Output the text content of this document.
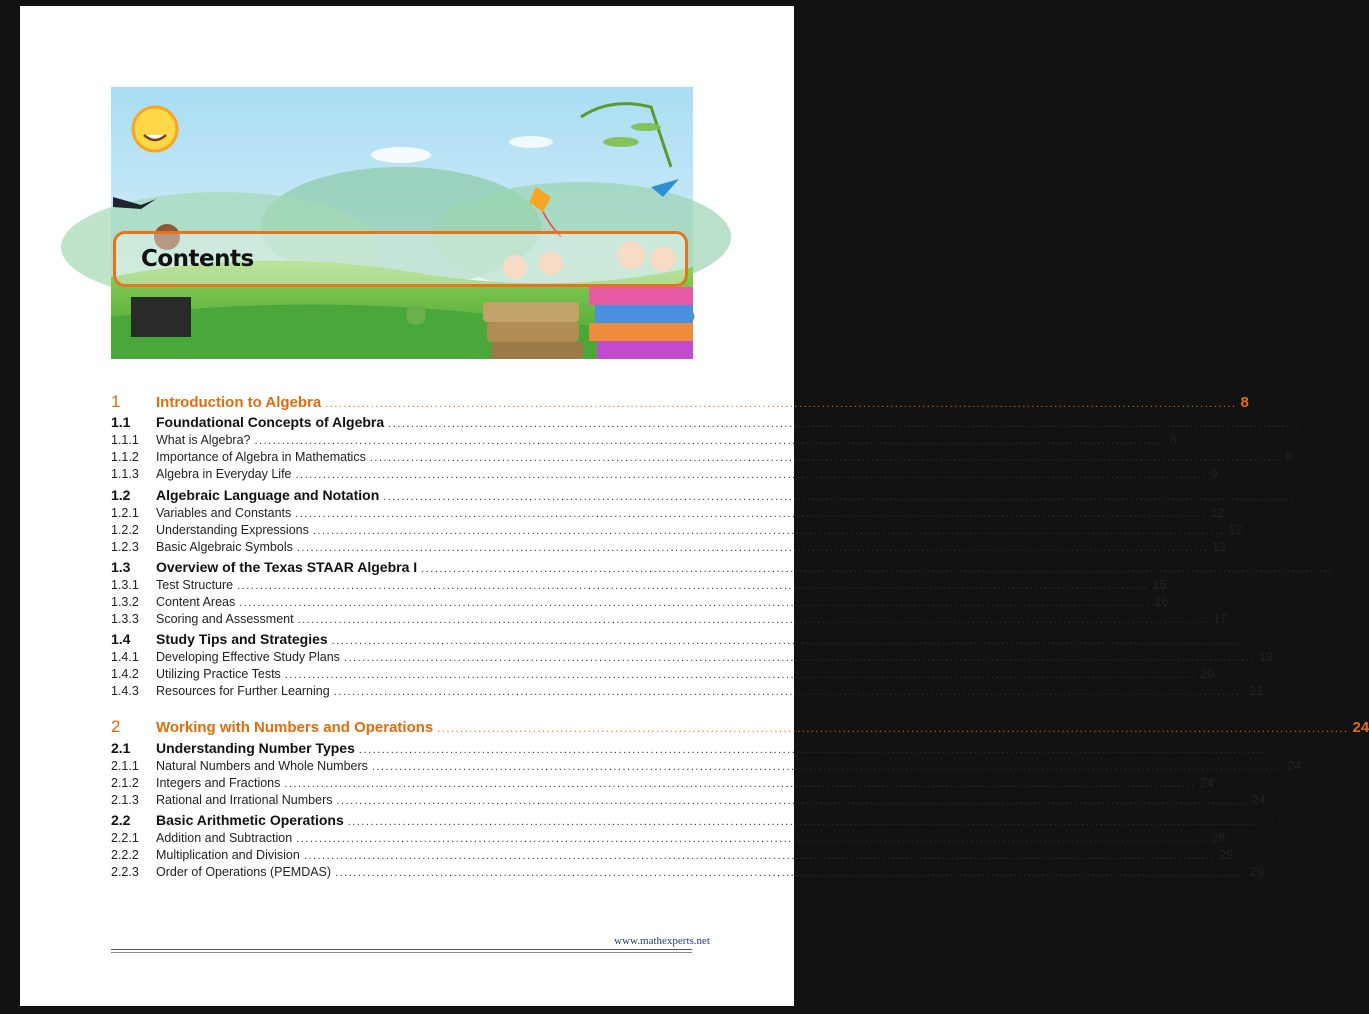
Contents
1	Introduction to Algebra ........................................................................................................................................................................................................ 8
1.1	Foundational Concepts of Algebra ........................................................................................................................................................................................................ 8
1.1.1	What is Algebra? ........................................................................................................................................................................................................ 8
1.1.2	Importance of Algebra in Mathematics ........................................................................................................................................................................................................ 8
1.1.3	Algebra in Everyday Life ........................................................................................................................................................................................................ 9
1.2	Algebraic Language and Notation ........................................................................................................................................................................................................ 11
1.2.1	Variables and Constants ........................................................................................................................................................................................................ 12
1.2.2	Understanding Expressions ........................................................................................................................................................................................................ 12
1.2.3	Basic Algebraic Symbols ........................................................................................................................................................................................................ 13
1.3	Overview of the Texas STAAR Algebra I ........................................................................................................................................................................................................ 15
1.3.1	Test Structure ........................................................................................................................................................................................................ 15
1.3.2	Content Areas ........................................................................................................................................................................................................ 16
1.3.3	Scoring and Assessment ........................................................................................................................................................................................................ 17
1.4	Study Tips and Strategies ........................................................................................................................................................................................................ 19
1.4.1	Developing Effective Study Plans ........................................................................................................................................................................................................ 19
1.4.2	Utilizing Practice Tests ........................................................................................................................................................................................................ 20
1.4.3	Resources for Further Learning ........................................................................................................................................................................................................ 21
2	Working with Numbers and Operations ........................................................................................................................................................................................................ 24
2.1	Understanding Number Types ........................................................................................................................................................................................................ 24
2.1.1	Natural Numbers and Whole Numbers ........................................................................................................................................................................................................ 24
2.1.2	Integers and Fractions ........................................................................................................................................................................................................ 24
2.1.3	Rational and Irrational Numbers ........................................................................................................................................................................................................ 24
2.2	Basic Arithmetic Operations ........................................................................................................................................................................................................ 28
2.2.1	Addition and Subtraction ........................................................................................................................................................................................................ 28
2.2.2	Multiplication and Division ........................................................................................................................................................................................................ 29
2.2.3	Order of Operations (PEMDAS) ........................................................................................................................................................................................................ 29
www.mathexperts.net
